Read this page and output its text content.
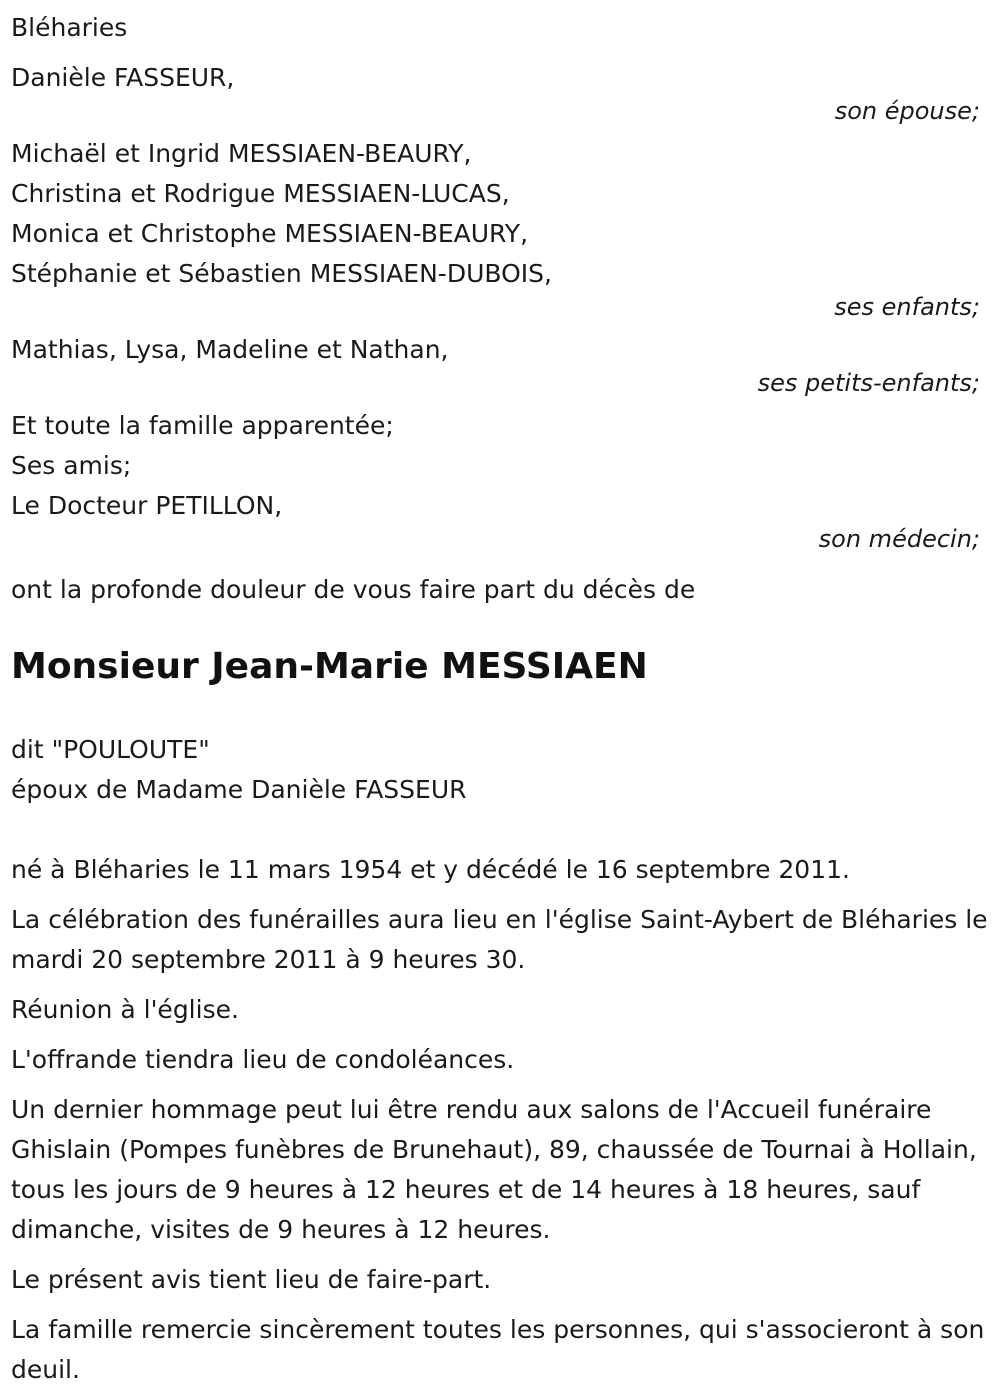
Bléharies
Danièle FASSEUR,
son épouse;
Michaël et Ingrid MESSIAEN-BEAURY,
Christina et Rodrigue MESSIAEN-LUCAS,
Monica et Christophe MESSIAEN-BEAURY,
Stéphanie et Sébastien MESSIAEN-DUBOIS,
ses enfants;
Mathias, Lysa, Madeline et Nathan,
ses petits-enfants;
Et toute la famille apparentée;
Ses amis;
Le Docteur PETILLON,
son médecin;
ont la profonde douleur de vous faire part du décès de
Monsieur Jean-Marie MESSIAEN
dit "POULOUTE"
époux de Madame Danièle FASSEUR
né à Bléharies le 11 mars 1954 et y décédé le 16 septembre 2011.
La célébration des funérailles aura lieu en l'église Saint-Aybert de Bléharies le mardi 20 septembre 2011 à 9 heures 30.
Réunion à l'église.
L'offrande tiendra lieu de condoléances.
Un dernier hommage peut lui être rendu aux salons de l'Accueil funéraire Ghislain (Pompes funèbres de Brunehaut), 89, chaussée de Tournai à Hollain, tous les jours de 9 heures à 12 heures et de 14 heures à 18 heures, sauf dimanche, visites de 9 heures à 12 heures.
Le présent avis tient lieu de faire-part.
La famille remercie sincèrement toutes les personnes, qui s'associeront à son deuil.
